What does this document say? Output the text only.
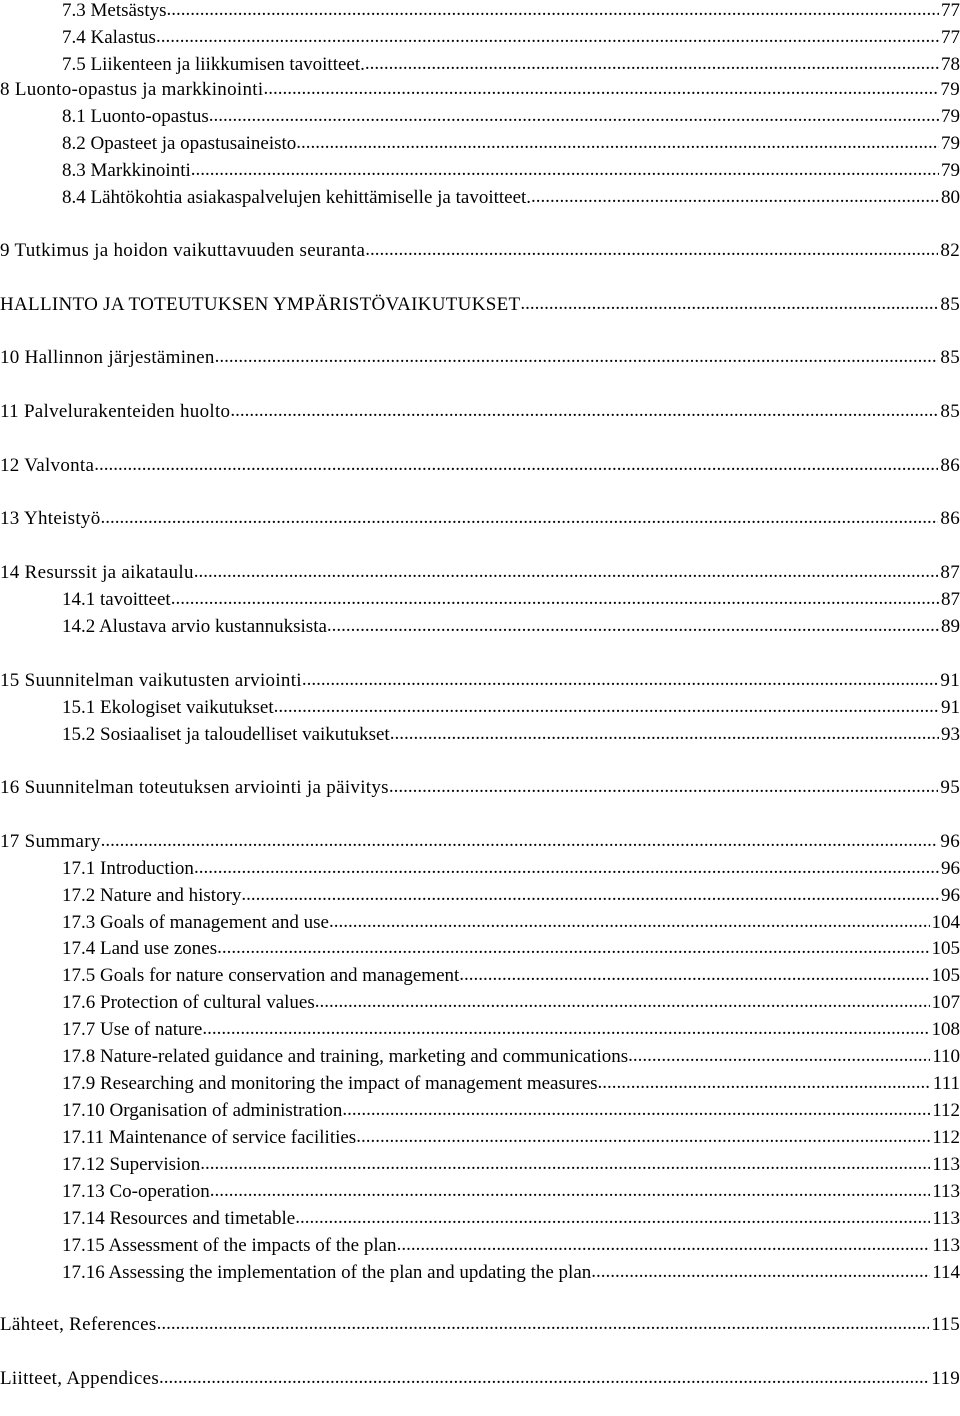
7.3 Metsästys .....	77
7.4 Kalastus .....	77
7.5 Liikenteen ja liikkumisen tavoitteet. .....	78
8 Luonto-opastus ja markkinointi .....	79
8.1 Luonto-opastus .....	79
8.2 Opasteet ja opastusaineisto .....	79
8.3 Markkinointi .....	79
8.4 Lähtökohtia asiakaspalvelujen kehittämiselle ja tavoitteet. .....	80
9 Tutkimus ja hoidon vaikuttavuuden seuranta .....	82
HALLINTO JA TOTEUTUKSEN YMPÄRISTÖVAIKUTUKSET .....	85
10 Hallinnon järjestäminen .....	85
11 Palvelurakenteiden huolto .....	85
12 Valvonta .....	86
13 Yhteistyö .....	86
14 Resurssit ja aikataulu .....	87
14.1 tavoitteet .....	87
14.2 Alustava arvio kustannuksista .....	89
15 Suunnitelman vaikutusten arviointi .....	91
15.1 Ekologiset vaikutukset .....	91
15.2 Sosiaaliset ja taloudelliset vaikutukset .....	93
16 Suunnitelman toteutuksen arviointi ja päivitys .....	95
17 Summary .....	96
17.1 Introduction .....	96
17.2 Nature and history .....	96
17.3 Goals of management and use .....	104
17.4 Land use zones .....	105
17.5 Goals for nature conservation and management .....	105
17.6 Protection of cultural values .....	107
17.7 Use of nature .....	108
17.8 Nature-related guidance and training, marketing and communications .....	110
17.9 Researching and monitoring the impact of management measures .....	111
17.10 Organisation of administration .....	112
17.11 Maintenance of service facilities .....	112
17.12 Supervision .....	113
17.13 Co-operation .....	113
17.14 Resources and timetable .....	113
17.15 Assessment of the impacts of the plan .....	113
17.16 Assessing the implementation of the plan and updating the plan .....	114
Lähteet, References .....	115
Liitteet, Appendices .....	119
